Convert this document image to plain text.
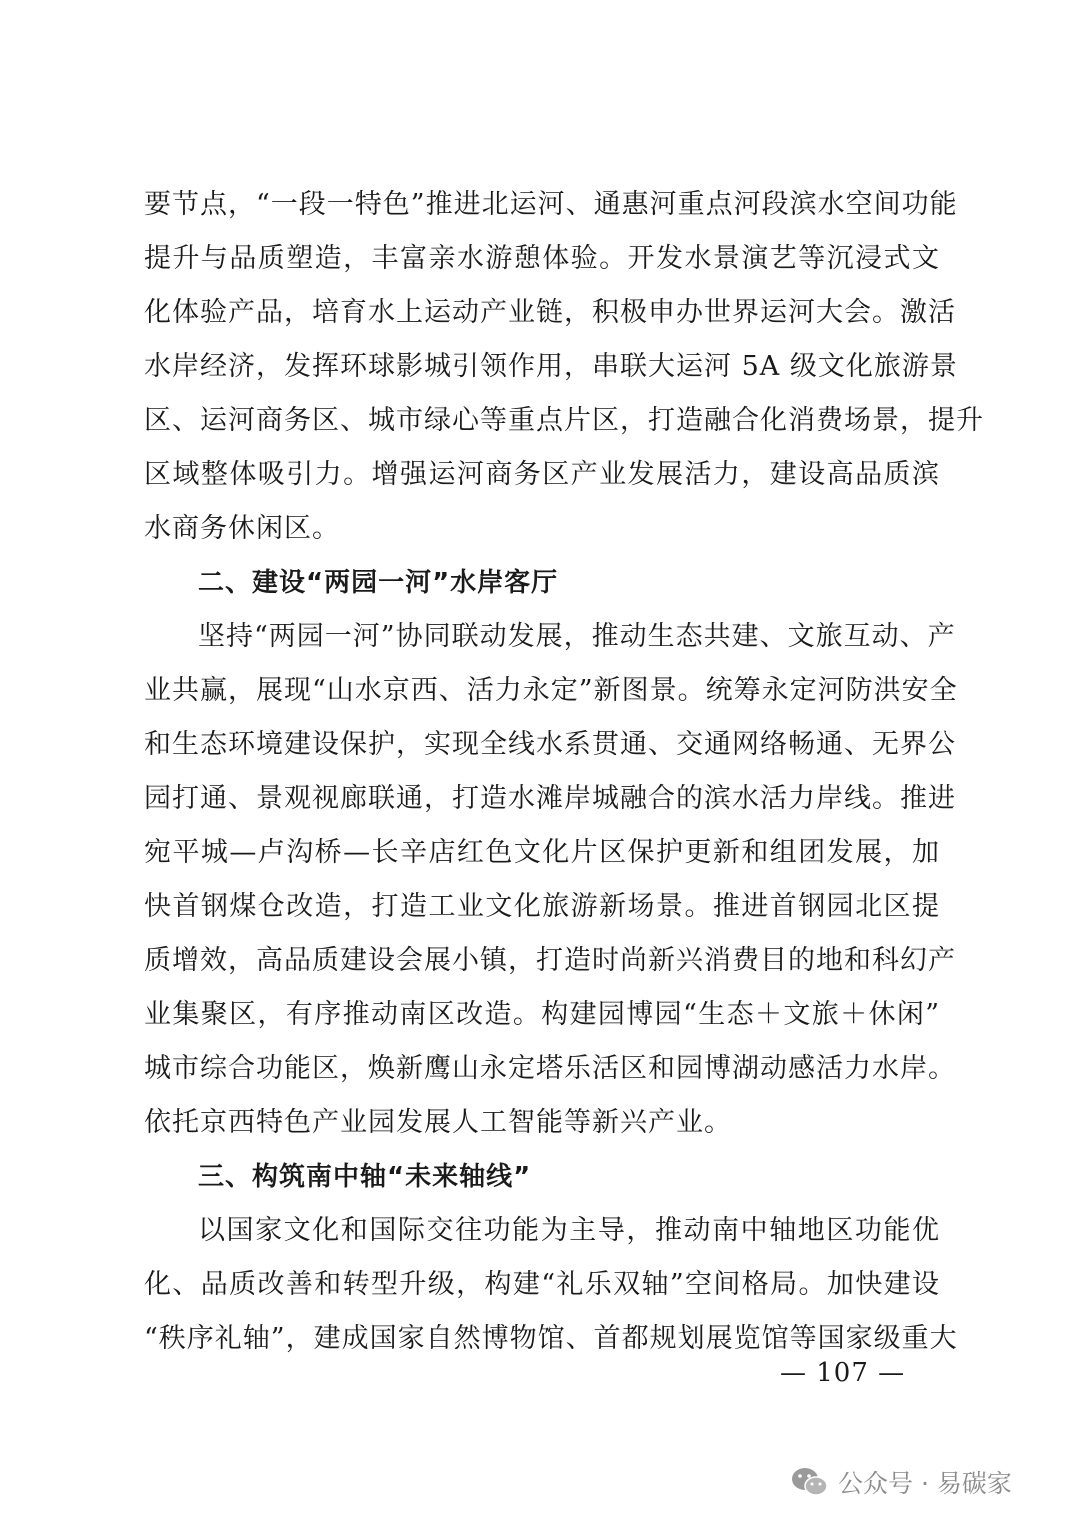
要节点，“一段一特色”推进北运河、通惠河重点河段滨水空间功能
提升与品质塑造，丰富亲水游憩体验。开发水景演艺等沉浸式文
化体验产品，培育水上运动产业链，积极申办世界运河大会。激活
水岸经济，发挥环球影城引领作用，串联大运河 5A 级文化旅游景
区、运河商务区、城市绿心等重点片区，打造融合化消费场景，提升
区域整体吸引力。增强运河商务区产业发展活力，建设高品质滨
水商务休闲区。
二、建设“两园一河”水岸客厅
坚持“两园一河”协同联动发展，推动生态共建、文旅互动、产
业共赢，展现“山水京西、活力永定”新图景。统筹永定河防洪安全
和生态环境建设保护，实现全线水系贯通、交通网络畅通、无界公
园打通、景观视廊联通，打造水滩岸城融合的滨水活力岸线。推进
宛平城—卢沟桥—长辛店红色文化片区保护更新和组团发展，加
快首钢煤仓改造，打造工业文化旅游新场景。推进首钢园北区提
质增效，高品质建设会展小镇，打造时尚新兴消费目的地和科幻产
业集聚区，有序推动南区改造。构建园博园“生态＋文旅＋休闲”
城市综合功能区，焕新鹰山永定塔乐活区和园博湖动感活力水岸。
依托京西特色产业园发展人工智能等新兴产业。
三、构筑南中轴“未来轴线”
以国家文化和国际交往功能为主导，推动南中轴地区功能优
化、品质改善和转型升级，构建“礼乐双轴”空间格局。加快建设
“秩序礼轴”，建成国家自然博物馆、首都规划展览馆等国家级重大
— 107 —
公众号 · 易碳家
